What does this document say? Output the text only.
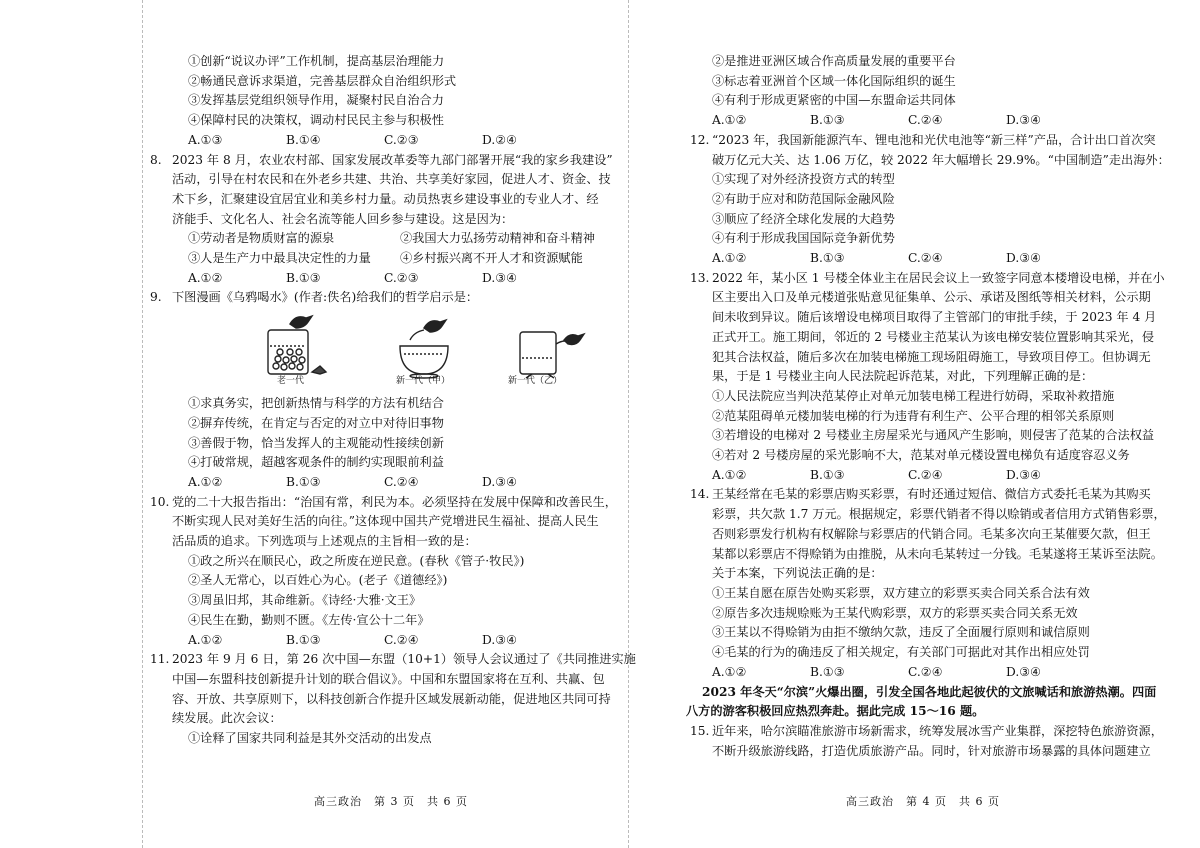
①创新“说议办评”工作机制，提高基层治理能力
②畅通民意诉求渠道，完善基层群众自治组织形式
③发挥基层党组织领导作用，凝聚村民自治合力
④保障村民的决策权，调动村民民主参与积极性
A.①③	B.①④	C.②③	D.②④
8. 2023 年 8 月，农业农村部、国家发展改革委等九部门部署开展“我的家乡我建设”
活动，引导在村农民和在外老乡共建、共治、共享美好家园，促进人才、资金、技
术下乡，汇聚建设宜居宜业和美乡村力量。动员热衷乡建设事业的专业人才、经
济能手、文化名人、社会名流等能人回乡参与建设。这是因为：
①劳动者是物质财富的源泉	②我国大力弘扬劳动精神和奋斗精神
③人是生产力中最具决定性的力量	④乡村振兴离不开人才和资源赋能
A.①②	B.①③	C.②③	D.③④
9. 下图漫画《乌鸦喝水》(作者:佚名)给我们的哲学启示是：
老一代	新一代（甲）	新一代（乙）
①求真务实，把创新热情与科学的方法有机结合
②摒弃传统，在肯定与否定的对立中对待旧事物
③善假于物，恰当发挥人的主观能动性接续创新
④打破常规，超越客观条件的制约实现眼前利益
A.①②	B.①③	C.②④	D.③④
10. 党的二十大报告指出：“治国有常，利民为本。必须坚持在发展中保障和改善民生，
不断实现人民对美好生活的向往。”这体现中国共产党增进民生福祉、提高人民生
活品质的追求。下列选项与上述观点的主旨相一致的是：
①政之所兴在顺民心，政之所废在逆民意。(春秋《管子·牧民》)
②圣人无常心，以百姓心为心。(老子《道德经》)
③周虽旧邦，其命维新。《诗经·大雅·文王》
④民生在勤，勤则不匮。《左传·宣公十二年》
A.①②	B.①③	C.②④	D.③④
11. 2023 年 9 月 6 日，第 26 次中国—东盟（10+1）领导人会议通过了《共同推进实施
中国—东盟科技创新提升计划的联合倡议》。中国和东盟国家将在互利、共赢、包
容、开放、共享原则下，以科技创新合作提升区域发展新动能，促进地区共同可持
续发展。此次会议：
①诠释了国家共同利益是其外交活动的出发点
②是推进亚洲区域合作高质量发展的重要平台
③标志着亚洲首个区域一体化国际组织的诞生
④有利于形成更紧密的中国—东盟命运共同体
A.①②	B.①③	C.②④	D.③④
12. “2023 年，我国新能源汽车、锂电池和光伏电池等“新三样”产品，合计出口首次突
破万亿元大关、达 1.06 万亿，较 2022 年大幅增长 29.9%。“中国制造”走出海外：
①实现了对外经济投资方式的转型
②有助于应对和防范国际金融风险
③顺应了经济全球化发展的大趋势
④有利于形成我国国际竞争新优势
A.①②	B.①③	C.②④	D.③④
13. 2022 年，某小区 1 号楼全体业主在居民会议上一致签字同意本楼增设电梯，并在小
区主要出入口及单元楼道张贴意见征集单、公示、承诺及图纸等相关材料，公示期
间未收到异议。随后该增设电梯项目取得了主管部门的审批手续，于 2023 年 4 月
正式开工。施工期间，邻近的 2 号楼业主范某认为该电梯安装位置影响其采光，侵
犯其合法权益，随后多次在加装电梯施工现场阻碍施工，导致项目停工。但协调无
果，于是 1 号楼业主向人民法院起诉范某，对此，下列理解正确的是：
①人民法院应当判决范某停止对单元加装电梯工程进行妨碍，采取补救措施
②范某阻碍单元楼加装电梯的行为违背有利生产、公平合理的相邻关系原则
③若增设的电梯对 2 号楼业主房屋采光与通风产生影响，则侵害了范某的合法权益
④若对 2 号楼房屋的采光影响不大，范某对单元楼设置电梯负有适度容忍义务
A.①②	B.①③	C.②④	D.③④
14. 王某经常在毛某的彩票店购买彩票，有时还通过短信、微信方式委托毛某为其购买
彩票，共欠款 1.7 万元。根据规定，彩票代销者不得以赊销或者信用方式销售彩票，
否则彩票发行机构有权解除与彩票店的代销合同。毛某多次向王某催要欠款，但王
某都以彩票店不得赊销为由推脱，从未向毛某转过一分钱。毛某遂将王某诉至法院。
关于本案，下列说法正确的是：
①王某自愿在原告处购买彩票，双方建立的彩票买卖合同关系合法有效
②原告多次违规赊账为王某代购彩票，双方的彩票买卖合同关系无效
③王某以不得赊销为由拒不缴纳欠款，违反了全面履行原则和诚信原则
④毛某的行为的确违反了相关规定，有关部门可据此对其作出相应处罚
A.①②	B.①③	C.②④	D.③④
2023 年冬天“尔滨”火爆出圈，引发全国各地此起彼伏的文旅喊话和旅游热潮。四面
八方的游客积极回应热烈奔赴。据此完成 15～16 题。
15. 近年来，哈尔滨瞄准旅游市场新需求，统筹发展冰雪产业集群，深挖特色旅游资源，
不断升级旅游线路，打造优质旅游产品。同时，针对旅游市场暴露的具体问题建立
高三政治　第 3 页　共 6 页	高三政治　第 4 页　共 6 页
